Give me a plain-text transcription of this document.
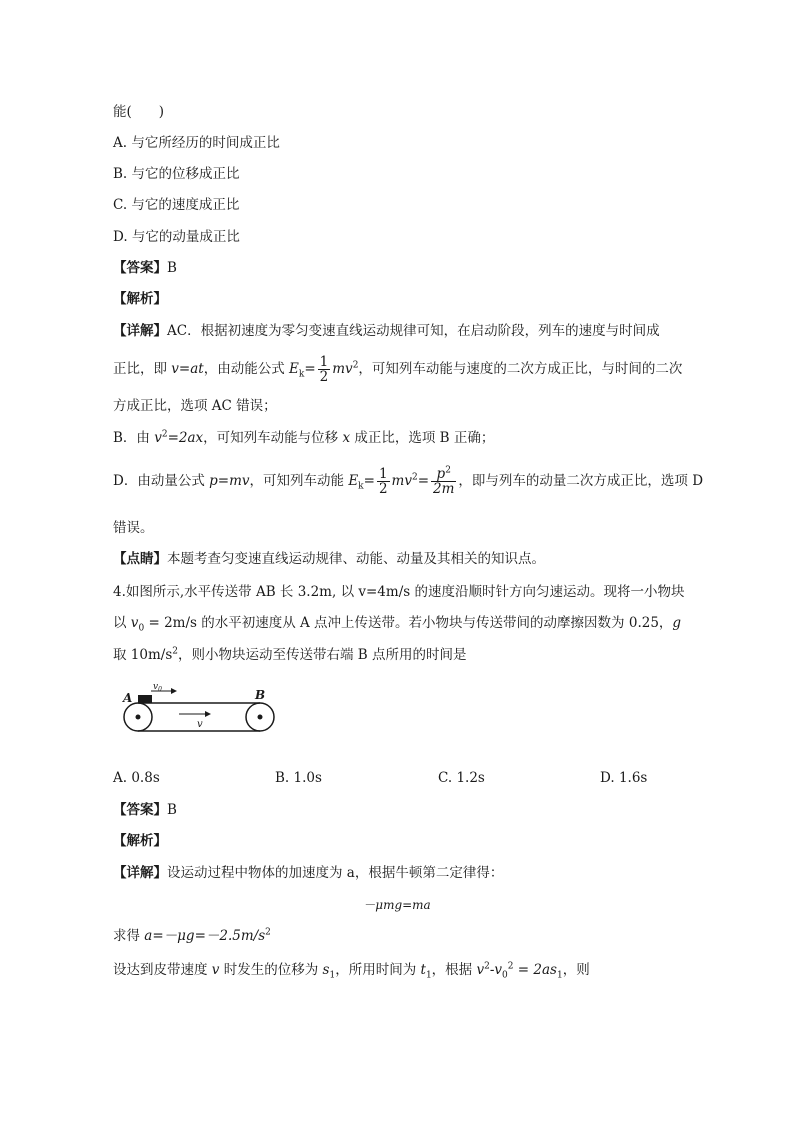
能(　　)
A. 与它所经历的时间成正比
B. 与它的位移成正比
C. 与它的速度成正比
D. 与它的动量成正比
【答案】B
【解析】
【详解】AC．根据初速度为零匀变速直线运动规律可知，在启动阶段，列车的速度与时间成
正比，即 v=at，由动能公式 $E_k= \frac{1}{2} mv^2$，可知列车动能与速度的二次方成正比，与时间的二次
方成正比，选项 AC 错误；
B．由 $v^2=2ax$，可知列车动能与位移 x 成正比，选项 B 正确；
D．由动量公式 p=mv，可知列车动能 $E_k= \frac{1}{2} mv^2= \frac{p^2}{2m}$ ，即与列车的动量二次方成正比，选项 D
错误。
【点睛】本题考查匀变速直线运动规律、动能、动量及其相关的知识点。
4.如图所示,水平传送带 AB 长 3.2m, 以 v=4m/s 的速度沿顺时针方向匀速运动。现将一小物块
以 $v_0 = 2m/s$ 的水平初速度从 A 点冲上传送带。若小物块与传送带间的动摩擦因数为 0.25，g
取 $10m/s^2$，则小物块运动至传送带右端 B 点所用的时间是
A	B
$v_0$
v
A. 0.8s	B. 1.0s	C. 1.2s	D. 1.6s
【答案】B
【解析】
【详解】设运动过程中物体的加速度为 a，根据牛顿第二定律得：
－μmg=ma
求得 $a=-\mu g=-2.5m/s^2$
设达到皮带速度 v 时发生的位移为 $s_1$，所用时间为 $t_1$，根据 $v^2-v_0^2 = 2as_1$，则
